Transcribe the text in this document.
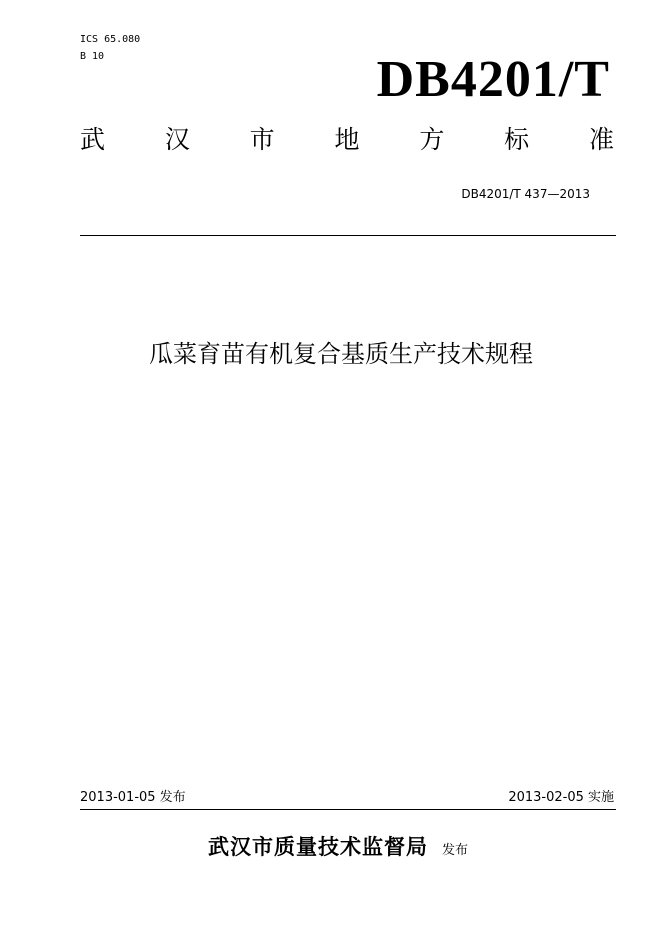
ICS 65.080
B 10	DB4201/T
武 汉 市 地 方 标 准
DB4201/T 437—2013
瓜菜育苗有机复合基质生产技术规程
2013-01-05 发布	2013-02-05 实施
武汉市质量技术监督局 发布
